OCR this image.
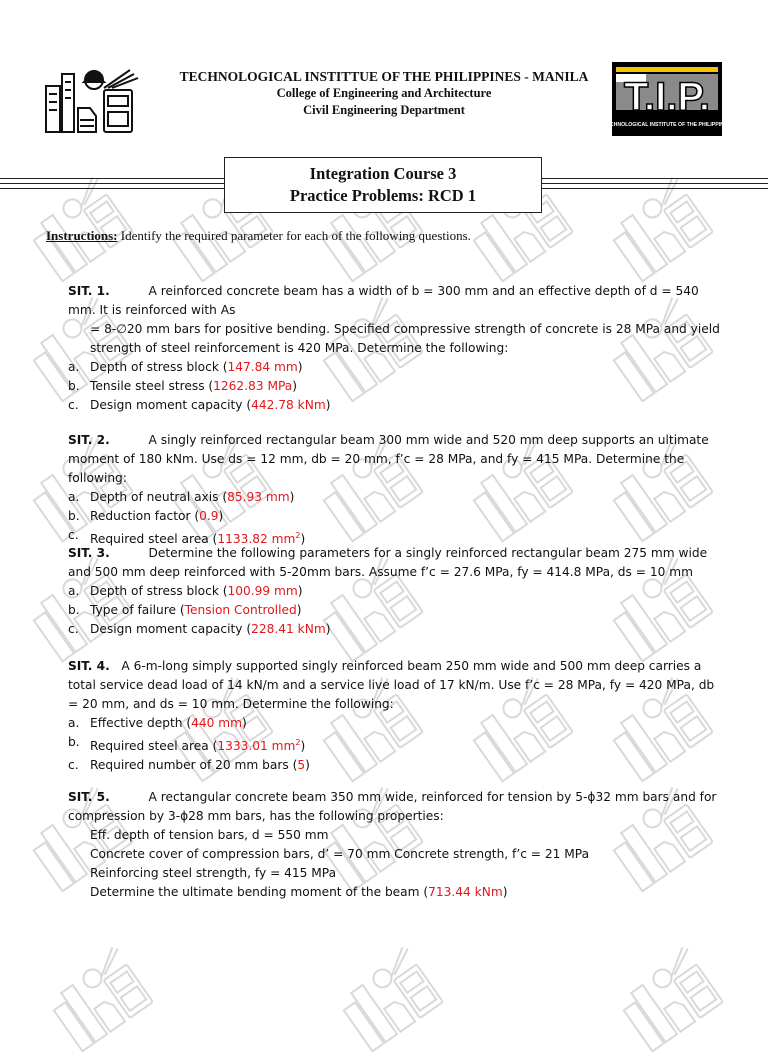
TECHNOLOGICAL INSTITTUE OF THE PHILIPPINES - MANILA
College of Engineering and Architecture
Civil Engineering Department	T.I.P.
TECHNOLOGICAL INSTITUTE OF THE PHILIPPINES
Integration Course 3
Practice Problems: RCD 1
Instructions: Identify the required parameter for each of the following questions.
SIT. 1.	A reinforced concrete beam has a width of b = 300 mm and an effective depth of d = 540 mm. It is reinforced with As
= 8-∅20 mm bars for positive bending. Specified compressive strength of concrete is 28 MPa and yield strength of steel reinforcement is 420 MPa. Determine the following:
a. Depth of stress block (147.84 mm)
b. Tensile steel stress (1262.83 MPa)
c. Design moment capacity (442.78 kNm)
SIT. 2.	A singly reinforced rectangular beam 300 mm wide and 520 mm deep supports an ultimate moment of 180 kNm. Use ds = 12 mm, db = 20 mm, f’c = 28 MPa, and fy = 415 MPa. Determine the following:
a. Depth of neutral axis (85.93 mm)
b. Reduction factor (0.9)
c. Required steel area (1133.82 $mm^2$)
SIT. 3.	Determine the following parameters for a singly reinforced rectangular beam 275 mm wide and 500 mm deep reinforced with 5-20mm bars. Assume f’c = 27.6 MPa, fy = 414.8 MPa, ds = 10 mm
a. Depth of stress block (100.99 mm)
b. Type of failure (Tension Controlled)
c. Design moment capacity (228.41 kNm)
SIT. 4. A 6-m-long simply supported singly reinforced beam 250 mm wide and 500 mm deep carries a total service dead load of 14 kN/m and a service live load of 17 kN/m. Use f’c = 28 MPa, fy = 420 MPa, db = 20 mm, and ds = 10 mm. Determine the following:
a. Effective depth (440 mm)
b. Required steel area (1333.01 $mm^2$)
c. Required number of 20 mm bars (5)
SIT. 5.	A rectangular concrete beam 350 mm wide, reinforced for tension by 5-ϕ32 mm bars and for compression by 3-ϕ28 mm bars, has the following properties:
Eff. depth of tension bars, d = 550 mm
Concrete cover of compression bars, d’ = 70 mm Concrete strength, f’c = 21 MPa
Reinforcing steel strength, fy = 415 MPa
Determine the ultimate bending moment of the beam (713.44 kNm)
